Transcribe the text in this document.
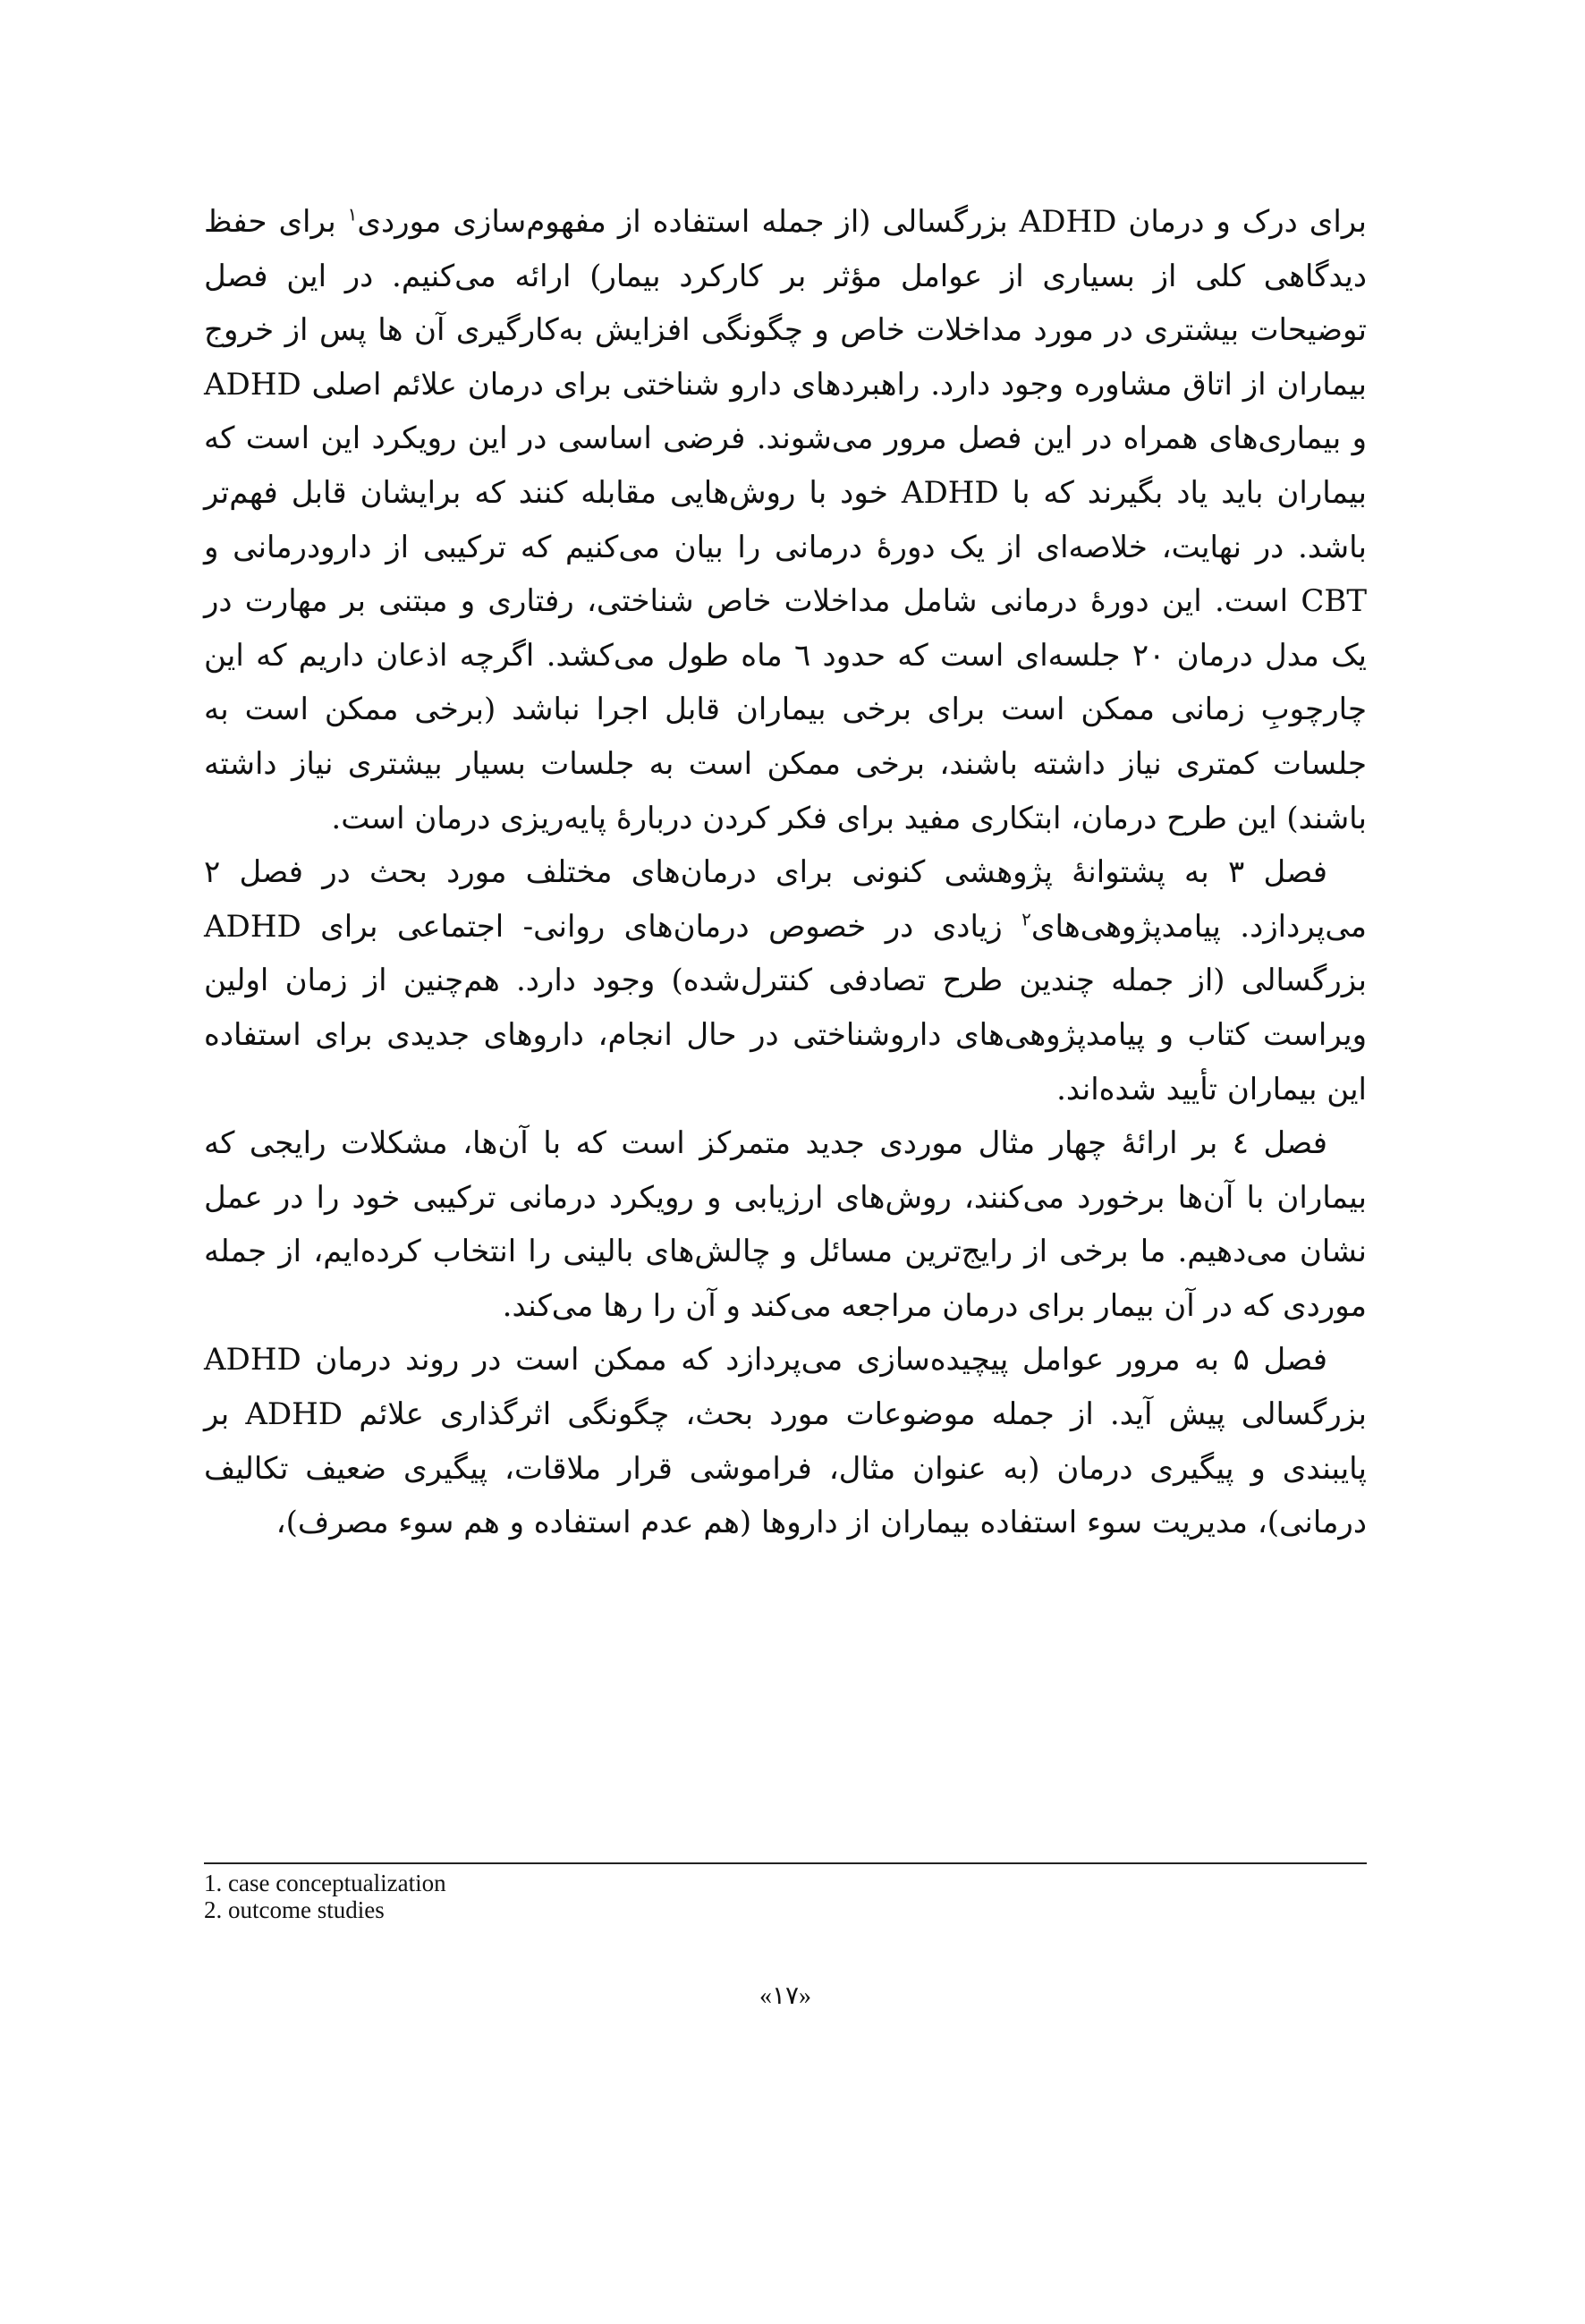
برای درک و درمان ADHD بزرگسالی (از جمله استفاده از مفهوم‌سازی موردی$^۱$ برای حفظ دیدگاهی کلی از بسیاری از عوامل مؤثر بر کارکرد بیمار) ارائه می‌کنیم. در این فصل توضیحات بیشتری در مورد مداخلات خاص و چگونگی افزایش به‌کارگیری آن ها پس از خروج بیماران از اتاق مشاوره وجود دارد. راهبردهای دارو شناختی برای درمان علائم اصلی ADHD و بیماری‌های همراه در این فصل مرور می‌شوند. فرضی اساسی در این رویکرد این است که بیماران باید یاد بگیرند که با ADHD خود با روش‌هایی مقابله کنند که برایشان قابل فهم‌تر باشد. در نهایت، خلاصه‌ای از یک دورهٔ درمانی را بیان می‌کنیم که ترکیبی از دارودرمانی و CBT است. این دورهٔ درمانی شامل مداخلات خاص شناختی، رفتاری و مبتنی بر مهارت در یک مدل درمان ۲۰ جلسه‌ای است که حدود ٦ ماه طول می‌کشد. اگرچه اذعان داریم که این چارچوبِ زمانی ممکن است برای برخی بیماران قابل اجرا نباشد (برخی ممکن است به جلسات کمتری نیاز داشته باشند، برخی ممکن است به جلسات بسیار بیشتری نیاز داشته باشند) این طرح درمان، ابتکاری مفید برای فکر کردن دربارهٔ پایه‌ریزی درمان است.

فصل ۳ به پشتوانهٔ پژوهشی کنونی برای درمان‌های مختلف مورد بحث در فصل ۲ می‌پردازد. پیامدپژوهی‌های$^۲$ زیادی در خصوص درمان‌های روانی- اجتماعی برای ADHD بزرگسالی (از جمله چندین طرح تصادفی کنترل‌شده) وجود دارد. هم‌چنین از زمان اولین ویراست کتاب و پیامدپژوهی‌های داروشناختی در حال انجام، داروهای جدیدی برای استفاده این بیماران تأیید شده‌اند.

فصل ٤ بر ارائهٔ چهار مثال موردی جدید متمرکز است که با آن‌ها، مشکلات رایجی که بیماران با آن‌ها برخورد می‌کنند، روش‌های ارزیابی و رویکرد درمانی ترکیبی خود را در عمل نشان می‌دهیم. ما برخی از رایج‌ترین مسائل و چالش‌های بالینی را انتخاب کرده‌ایم، از جمله موردی که در آن بیمار برای درمان مراجعه می‌کند و آن را رها می‌کند.

فصل ۵ به مرور عوامل پیچیده‌سازی می‌پردازد که ممکن است در روند درمان ADHD بزرگسالی پیش آید. از جمله موضوعات مورد بحث، چگونگی اثرگذاری علائم ADHD بر پایبندی و پیگیری درمان (به عنوان مثال، فراموشی قرار ملاقات، پیگیری ضعیف تکالیف درمانی)، مدیریت سوء استفاده بیماران از داروها (هم عدم استفاده و هم سوء مصرف)،

1. case conceptualization
2. outcome studies
«۱۷»
